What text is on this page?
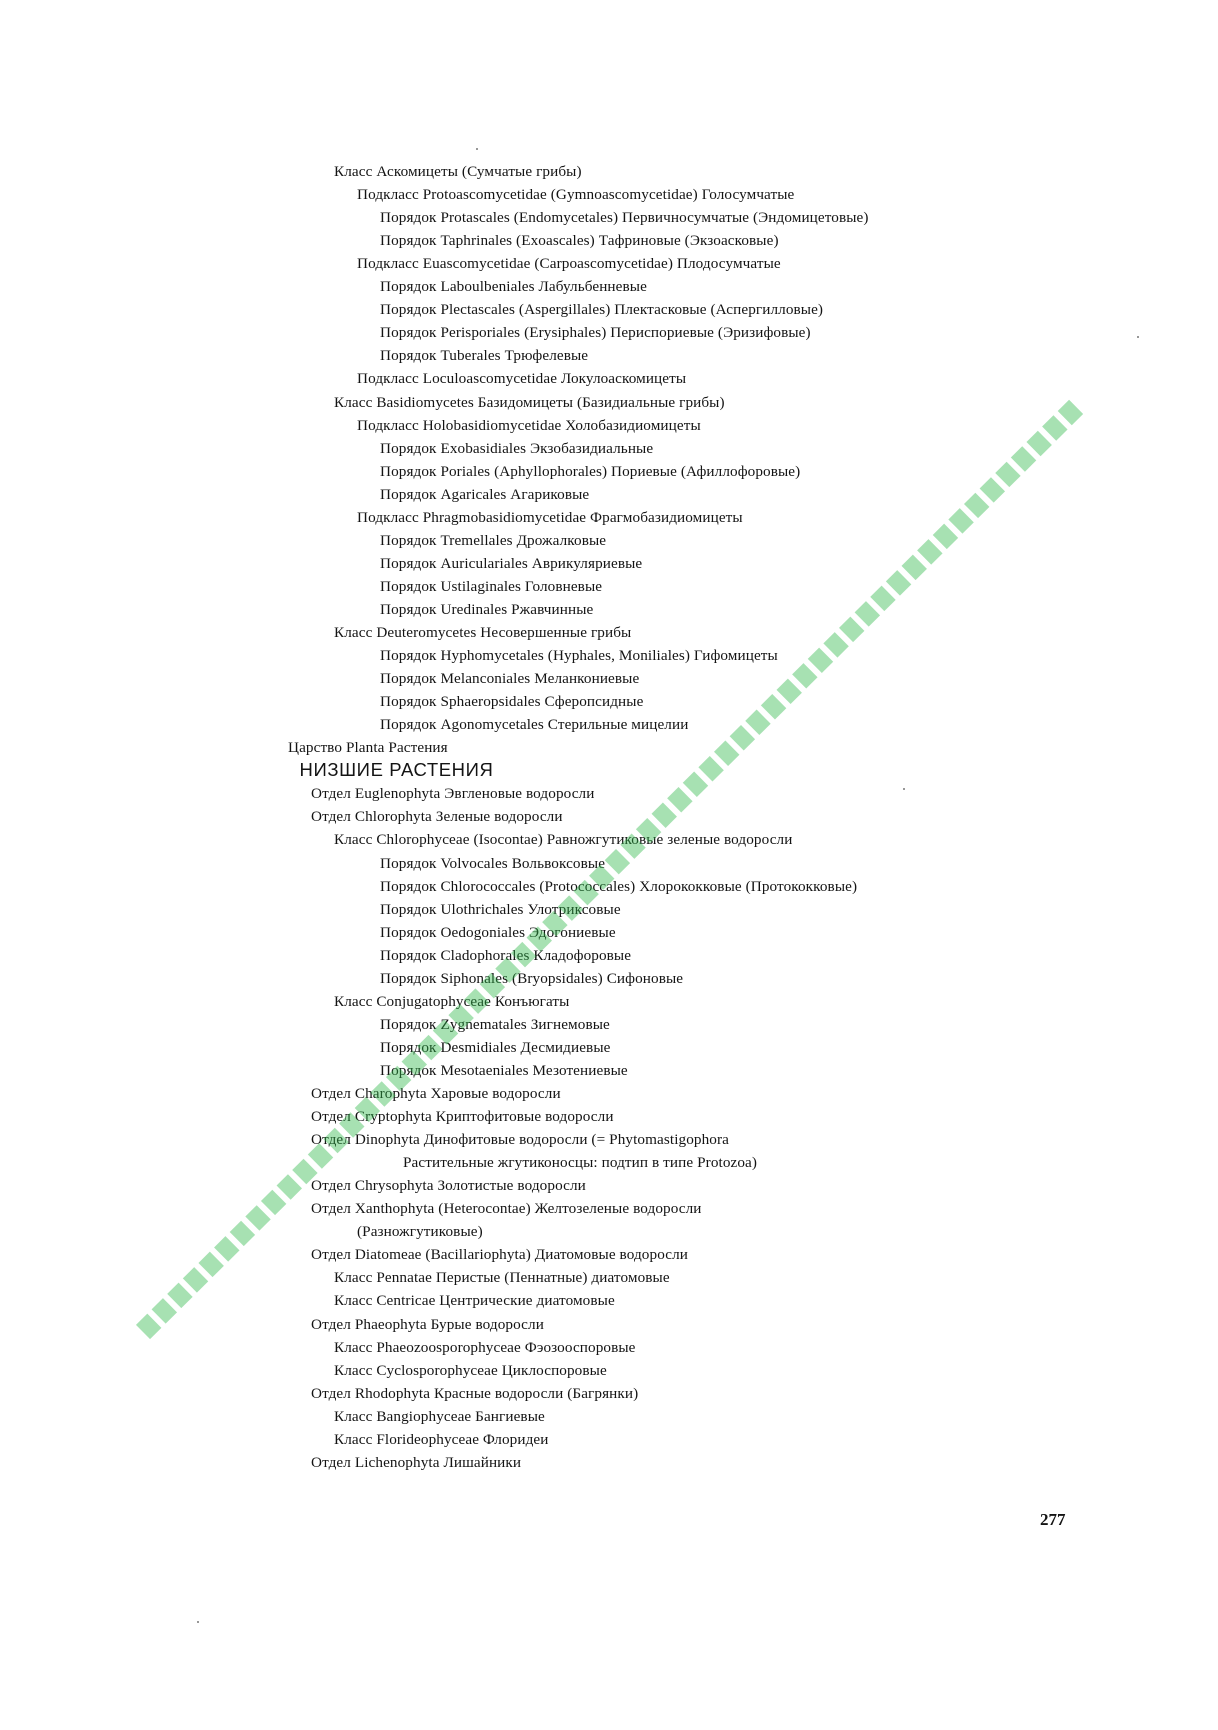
Класс Аскомицеты (Сумчатые грибы)
Подкласс Protoascomycetidae (Gymnoascomycetidae) Голосумчатые
Порядок Protascales (Endomycetales) Первичносумчатые (Эндомицетовые)
Порядок Taphrinales (Exoascales) Тафриновые (Экзоасковые)
Подкласс Euascomycetidae (Carpoascomycetidae) Плодосумчатые
Порядок Laboulbeniales Лабульбенневые
Порядок Plectascales (Aspergillales) Плектасковые (Аспергилловые)
Порядок Perisporiales (Erysiphales) Периспориевые (Эризифовые)
Порядок Tuberales Трюфелевые
Подкласс Loculoascomycetidae Локулоаскомицеты
Класс Basidiomycetes Базидомицеты (Базидиальные грибы)
Подкласс Holobasidiomycetidae Холобазидиомицеты
Порядок Exobasidiales Экзобазидиальные
Порядок Poriales (Aphyllophorales) Пориевые (Афиллофоровые)
Порядок Agaricales Агариковые
Подкласс Phragmobasidiomycetidae Фрагмобазидиомицеты
Порядок Tremellales Дрожалковые
Порядок Auriculariales Аврикуляриевые
Порядок Ustilaginales Головневые
Порядок Uredinales Ржавчинные
Класс Deuteromycetes Несовершенные грибы
Порядок Hyphomycetales (Hyphales, Moniliales) Гифомицеты
Порядок Melanconiales Меланкониевые
Порядок Sphaeropsidales Сферопсидные
Порядок Agonomycetales Стерильные мицелии
Царство Planta Растения
НИЗШИЕ РАСТЕНИЯ
Отдел Euglenophyta Эвгленовые водоросли
Отдел Chlorophyta Зеленые водоросли
Класс Chlorophyceae (Isocontae) Равножгутиковые зеленые водоросли
Порядок Volvocales Вольвоксовые
Порядок Chlorococcales (Protococcales) Хлорококковые (Протококковые)
Порядок Ulothrichales Улотриксовые
Порядок Oedogoniales Эдогониевые
Порядок Cladophorales Кладофоровые
Порядок Siphonales (Bryopsidales) Сифоновые
Класс Conjugatophyceae Конъюгаты
Порядок Zygnematales Зигнемовые
Порядок Desmidiales Десмидиевые
Порядок Mesotaeniales Мезотениевые
Отдел Charophyta Харовые водоросли
Отдел Cryptophyta Криптофитовые водоросли
Отдел Dinophyta Динофитовые водоросли (= Phytomastigophora
Растительные жгутиконосцы: подтип в типе Protozoa)
Отдел Chrysophyta Золотистые водоросли
Отдел Xanthophyta (Heterocontae) Желтозеленые водоросли
(Разножгутиковые)
Отдел Diatomeae (Bacillariophyta) Диатомовые водоросли
Класс Pennatae Перистые (Пеннатные) диатомовые
Класс Centricae Центрические диатомовые
Отдел Phaeophyta Бурые водоросли
Класс Phaeozoosporophyceae Фэозооспоровые
Класс Cyclosporophyceae Циклоспоровые
Отдел Rhodophyta Красные водоросли (Багрянки)
Класс Bangiophyceae Бангиевые
Класс Florideophyceae Флоридеи
Отдел Lichenophyta Лишайники
277
